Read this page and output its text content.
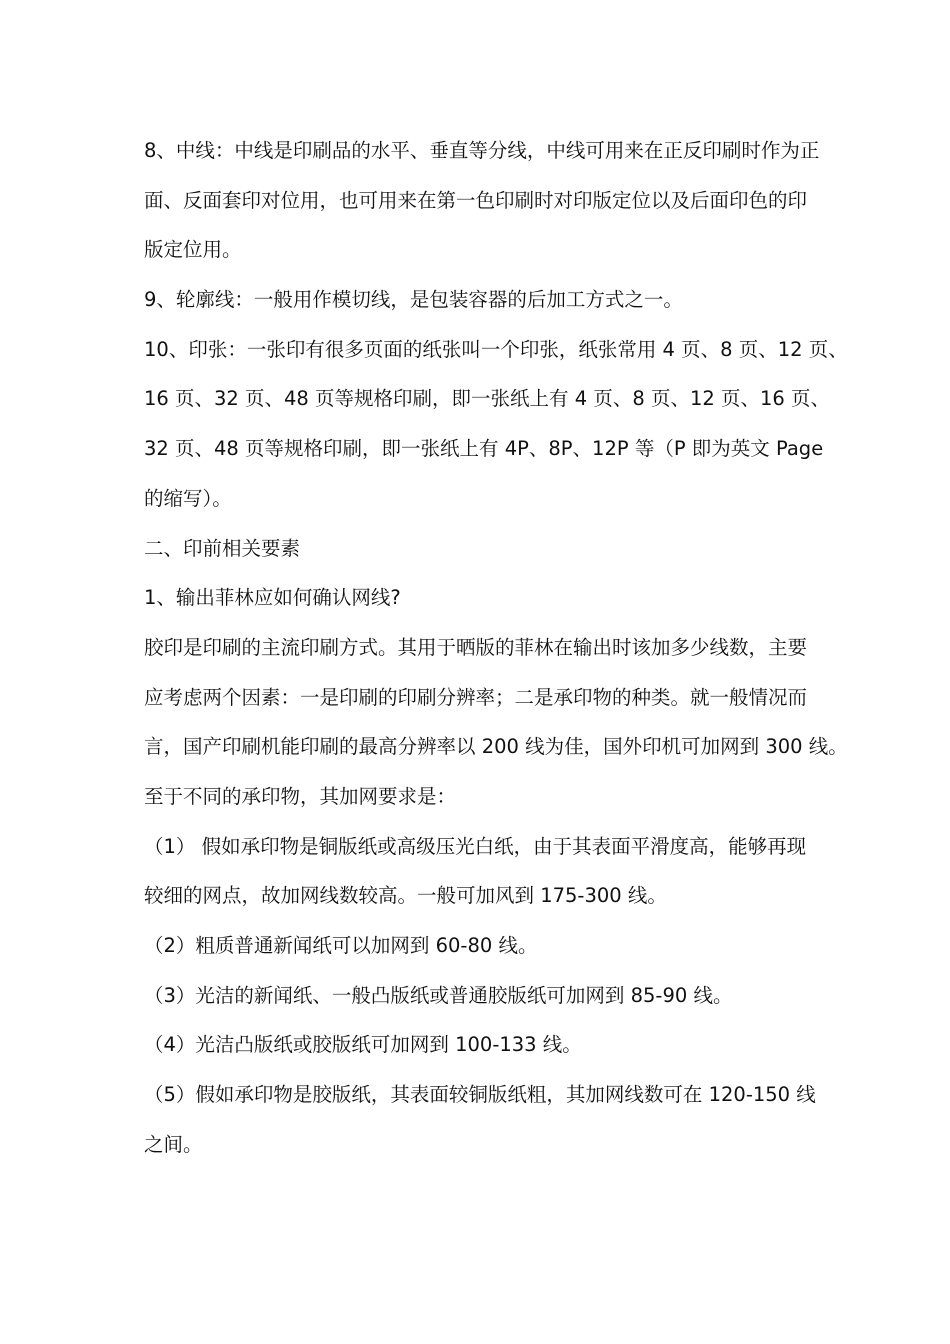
8、中线：中线是印刷品的水平、垂直等分线，中线可用来在正反印刷时作为正
面、反面套印对位用，也可用来在第一色印刷时对印版定位以及后面印色的印
版定位用。
9、轮廓线：一般用作模切线，是包装容器的后加工方式之一。
10、印张：一张印有很多页面的纸张叫一个印张，纸张常用 4 页、8 页、12 页、
16 页、32 页、48 页等规格印刷，即一张纸上有 4 页、8 页、12 页、16 页、
32 页、48 页等规格印刷，即一张纸上有 4P、8P、12P 等（P 即为英文 Page
的缩写）。
二、印前相关要素
1、输出菲林应如何确认网线?
胶印是印刷的主流印刷方式。其用于晒版的菲林在输出时该加多少线数，主要
应考虑两个因素：一是印刷的印刷分辨率；二是承印物的种类。就一般情况而
言，国产印刷机能印刷的最高分辨率以 200 线为佳，国外印机可加网到 300 线。
至于不同的承印物，其加网要求是：
（1） 假如承印物是铜版纸或高级压光白纸，由于其表面平滑度高，能够再现
较细的网点，故加网线数较高。一般可加风到 175-300 线。
（2）粗质普通新闻纸可以加网到 60-80 线。
（3）光洁的新闻纸、一般凸版纸或普通胶版纸可加网到 85-90 线。
（4）光洁凸版纸或胶版纸可加网到 100-133 线。
（5）假如承印物是胶版纸，其表面较铜版纸粗，其加网线数可在 120-150 线
之间。
